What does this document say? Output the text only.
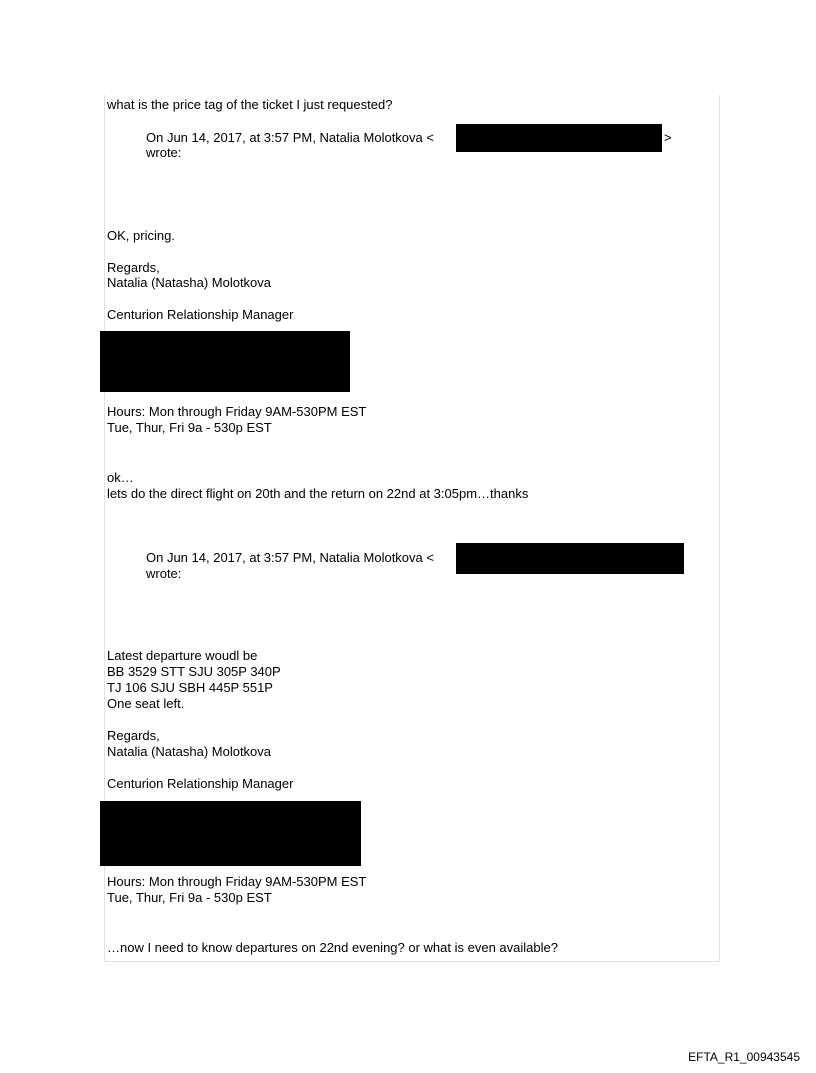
what is the price tag of the ticket I just requested?
On Jun 14, 2017, at 3:57 PM, Natalia Molotkova <	>
wrote:
OK, pricing.
Regards,
Natalia (Natasha) Molotkova
Centurion Relationship Manager
Hours: Mon through Friday 9AM-530PM EST
Tue, Thur, Fri 9a - 530p EST
ok…
lets do the direct flight on 20th and the return on 22nd at 3:05pm…thanks
On Jun 14, 2017, at 3:57 PM, Natalia Molotkova <
wrote:
Latest departure woudl be
BB 3529 STT SJU 305P 340P
TJ 106 SJU SBH 445P 551P
One seat left.
Regards,
Natalia (Natasha) Molotkova
Centurion Relationship Manager
Hours: Mon through Friday 9AM-530PM EST
Tue, Thur, Fri 9a - 530p EST
…now I need to know departures on 22nd evening? or what is even available?
EFTA_R1_00943545
